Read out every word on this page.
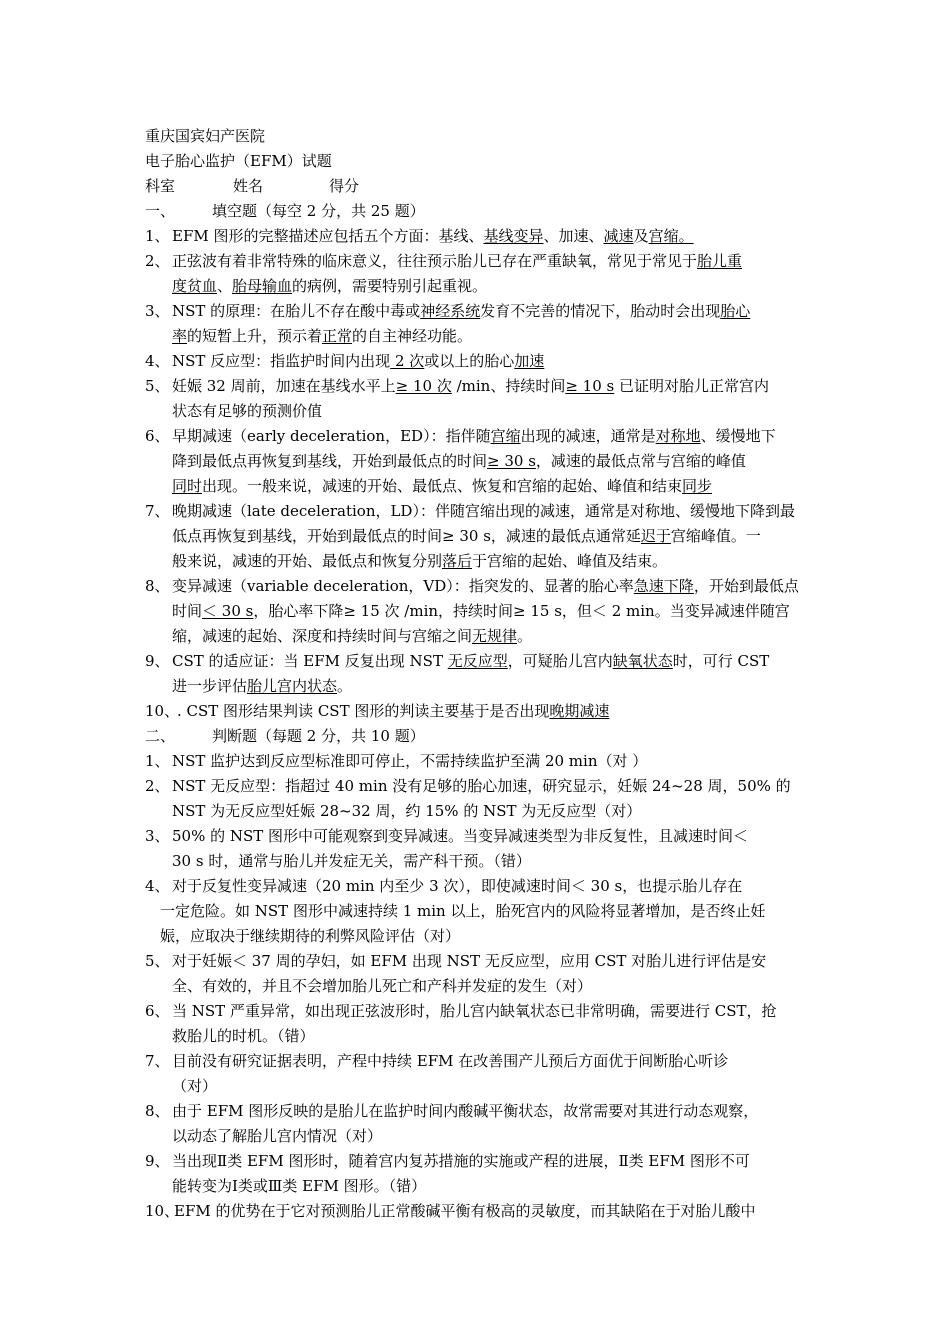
重庆国宾妇产医院
电子胎心监护（EFM）试题
科室	姓名	得分
一、 填空题（每空 2 分，共 25 题）
1、 EFM 图形的完整描述应包括五个方面：基线、基线变异、加速、减速及宫缩。
2、 正弦波有着非常特殊的临床意义，往往预示胎儿已存在严重缺氧，常见于常见于胎儿重
度贫血、胎母输血的病例，需要特别引起重视。
3、 NST 的原理：在胎儿不存在酸中毒或神经系统发育不完善的情况下，胎动时会出现胎心
率的短暂上升，预示着正常的自主神经功能。
4、 NST 反应型：指监护时间内出现 2 次或以上的胎心加速
5、 妊娠 32 周前，加速在基线水平上≥ 10 次 /min、持续时间≥ 10 s 已证明对胎儿正常宫内
状态有足够的预测价值
6、 早期减速（early deceleration，ED）：指伴随宫缩出现的减速，通常是对称地、缓慢地下
降到最低点再恢复到基线，开始到最低点的时间≥ 30 s，减速的最低点常与宫缩的峰值
同时出现。一般来说，减速的开始、最低点、恢复和宫缩的起始、峰值和结束同步
7、 晚期减速（late deceleration，LD）：伴随宫缩出现的减速，通常是对称地、缓慢地下降到最
低点再恢复到基线，开始到最低点的时间≥ 30 s，减速的最低点通常延迟于宫缩峰值。一
般来说，减速的开始、最低点和恢复分别落后于宫缩的起始、峰值及结束。
8、 变异减速（variable deceleration，VD）：指突发的、显著的胎心率急速下降，开始到最低点
时间＜ 30 s，胎心率下降≥ 15 次 /min，持续时间≥ 15 s，但＜ 2 min。当变异减速伴随宫
缩，减速的起始、深度和持续时间与宫缩之间无规律。
9、 CST 的适应证：当 EFM 反复出现 NST 无反应型，可疑胎儿宫内缺氧状态时，可行 CST
进一步评估胎儿宫内状态。
10、
. CST 图形结果判读 CST 图形的判读主要基于是否出现晚期减速
二、 判断题（每题 2 分，共 10 题）
1、 NST 监护达到反应型标准即可停止，不需持续监护至满 20 min（对 ）
2、 NST 无反应型：指超过 40 min 没有足够的胎心加速，研究显示，妊娠 24~28 周，50% 的
NST 为无反应型妊娠 28~32 周，约 15% 的 NST 为无反应型（对）
3、 50% 的 NST 图形中可能观察到变异减速。当变异减速类型为非反复性，且减速时间＜
30 s 时，通常与胎儿并发症无关，需产科干预。（错）
4、 对于反复性变异减速（20 min 内至少 3 次），即使减速时间＜ 30 s，也提示胎儿存在
一定危险。如 NST 图形中减速持续 1 min 以上，胎死宫内的风险将显著增加，是否终止妊
娠，应取决于继续期待的利弊风险评估（对）
5、 对于妊娠＜ 37 周的孕妇，如 EFM 出现 NST 无反应型，应用 CST 对胎儿进行评估是安
全、有效的，并且不会增加胎儿死亡和产科并发症的发生（对）
6、 当 NST 严重异常，如出现正弦波形时，胎儿宫内缺氧状态已非常明确，需要进行 CST，抢
救胎儿的时机。（错）
7、 目前没有研究证据表明，产程中持续 EFM 在改善围产儿预后方面优于间断胎心听诊
（对）
8、 由于 EFM 图形反映的是胎儿在监护时间内酸碱平衡状态，故常需要对其进行动态观察，
以动态了解胎儿宫内情况（对）
9、 当出现Ⅱ类 EFM 图形时，随着宫内复苏措施的实施或产程的进展，Ⅱ类 EFM 图形不可
能转变为Ⅰ类或Ⅲ类 EFM 图形。（错）
10、
EFM 的优势在于它对预测胎儿正常酸碱平衡有极高的灵敏度，而其缺陷在于对胎儿酸中
